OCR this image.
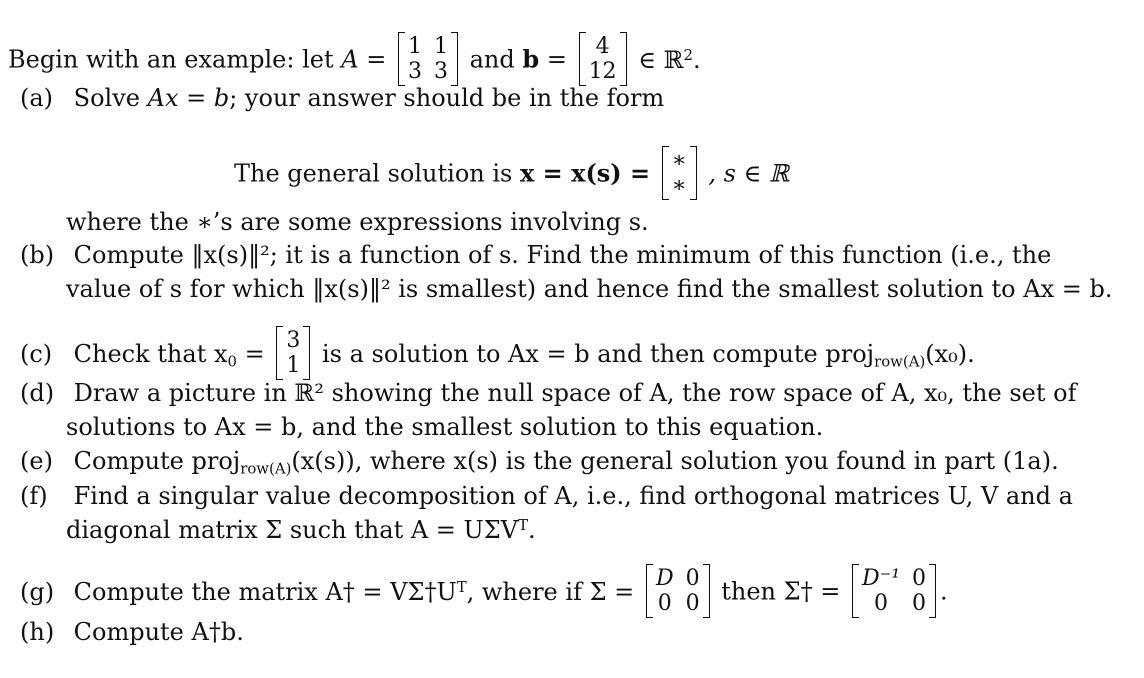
Begin with an example: let A = 1 1
3 3 and b =	4
12 ∈ ℝ$^2$.
(a) Solve Ax = b; your answer should be in the form
The general solution is x = x(s) = ∗
∗ , s ∈ ℝ
where the ∗’s are some expressions involving s.
(b) Compute ‖x(s)‖²; it is a function of s. Find the minimum of this function (i.e., the
value of s for which ‖x(s)‖² is smallest) and hence find the smallest solution to Ax = b.
(c) Check that $x_0 = 3$
1 is a solution to Ax = b and then compute proj$_{row(A)}$(x₀).
(d) Draw a picture in ℝ² showing the null space of A, the row space of A, x₀, the set of
solutions to Ax = b, and the smallest solution to this equation.
(e) Compute proj$_{row(A)}$(x(s)), where x(s) is the general solution you found in part (1a).
(f) Find a singular value decomposition of A, i.e., find orthogonal matrices U, V and a
diagonal matrix Σ such that $A = U\Sigma V^T$.
(g) Compute the matrix A† = $V\Sigma\dagger U^T$, where if Σ = D 0
0 0 then Σ† = D⁻¹ 0
0	0 .
(h) Compute A†b.
